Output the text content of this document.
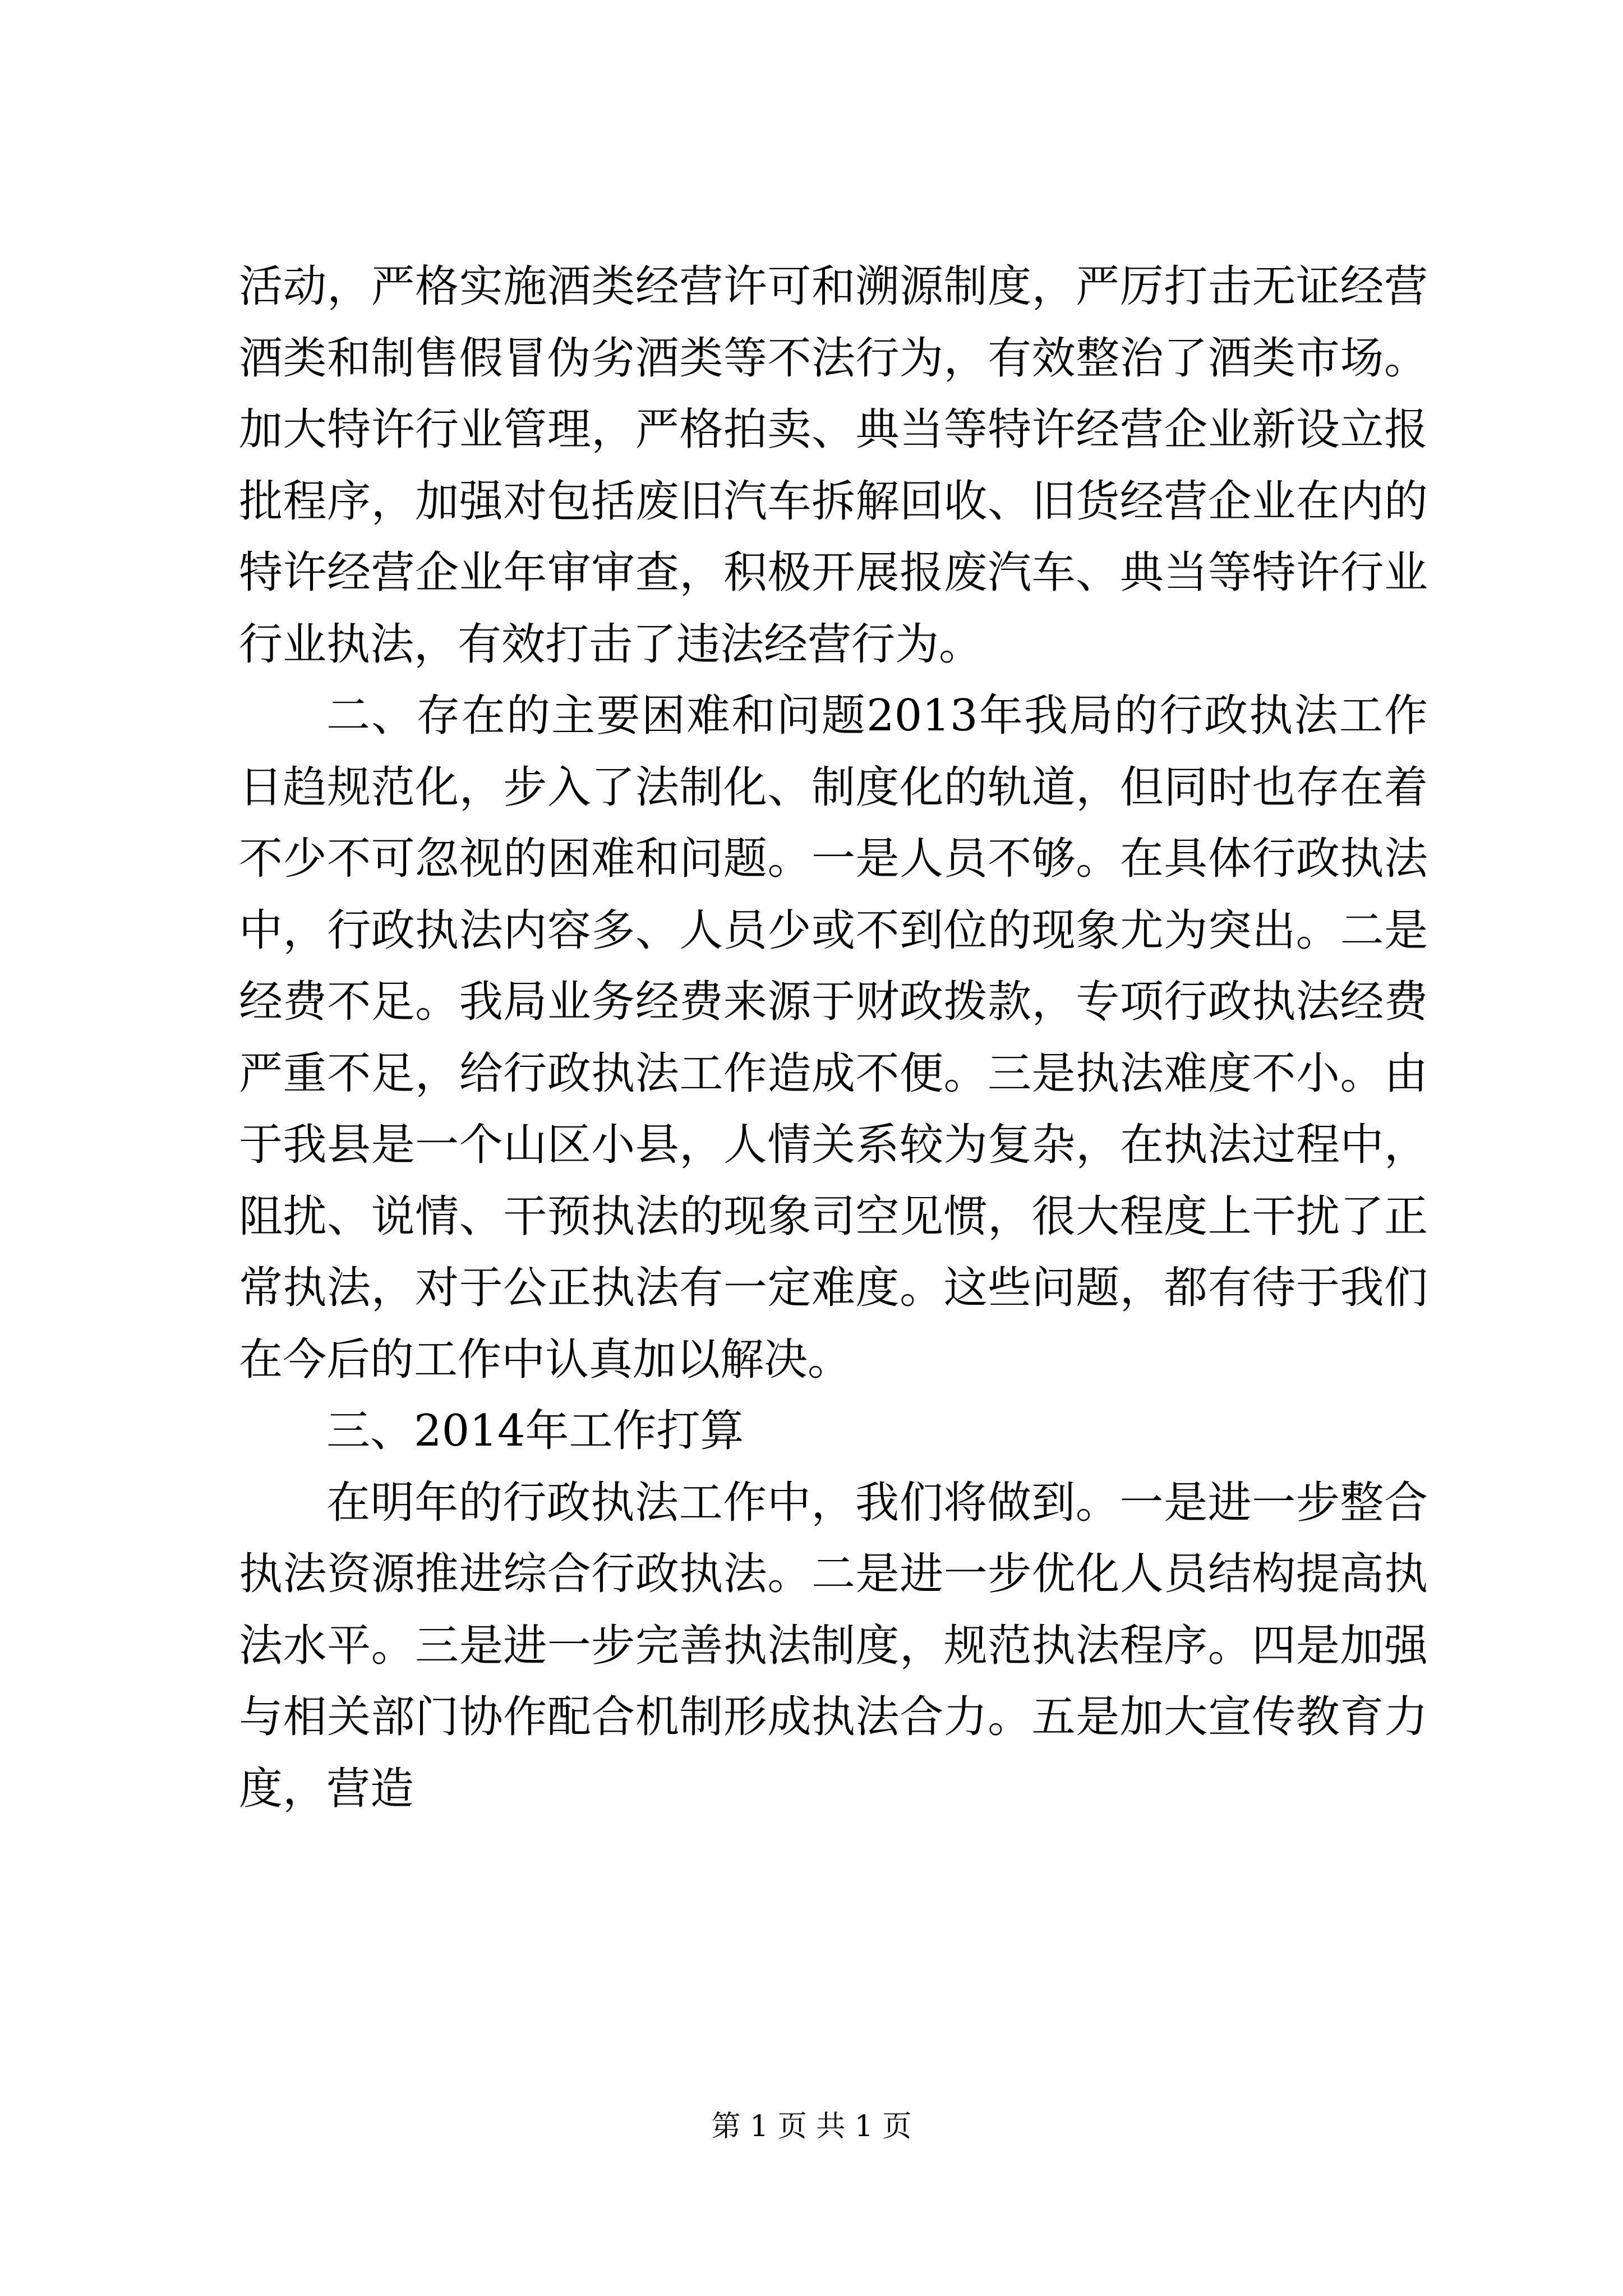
活动，严格实施酒类经营许可和溯源制度，严厉打击无证经营酒类和制售假冒伪劣酒类等不法行为，有效整治了酒类市场。加大特许行业管理，严格拍卖、典当等特许经营企业新设立报批程序，加强对包括废旧汽车拆解回收、旧货经营企业在内的特许经营企业年审审查，积极开展报废汽车、典当等特许行业行业执法，有效打击了违法经营行为。

二、存在的主要困难和问题2013年我局的行政执法工作日趋规范化，步入了法制化、制度化的轨道，但同时也存在着不少不可忽视的困难和问题。一是人员不够。在具体行政执法中，行政执法内容多、人员少或不到位的现象尤为突出。二是经费不足。我局业务经费来源于财政拨款，专项行政执法经费严重不足，给行政执法工作造成不便。三是执法难度不小。由于我县是一个山区小县，人情关系较为复杂，在执法过程中，阻扰、说情、干预执法的现象司空见惯，很大程度上干扰了正常执法，对于公正执法有一定难度。这些问题，都有待于我们在今后的工作中认真加以解决。

三、2014年工作打算

在明年的行政执法工作中，我们将做到。一是进一步整合执法资源推进综合行政执法。二是进一步优化人员结构提高执法水平。三是进一步完善执法制度，规范执法程序。四是加强与相关部门协作配合机制形成执法合力。五是加大宣传教育力度，营造

第 1 页 共 1 页
